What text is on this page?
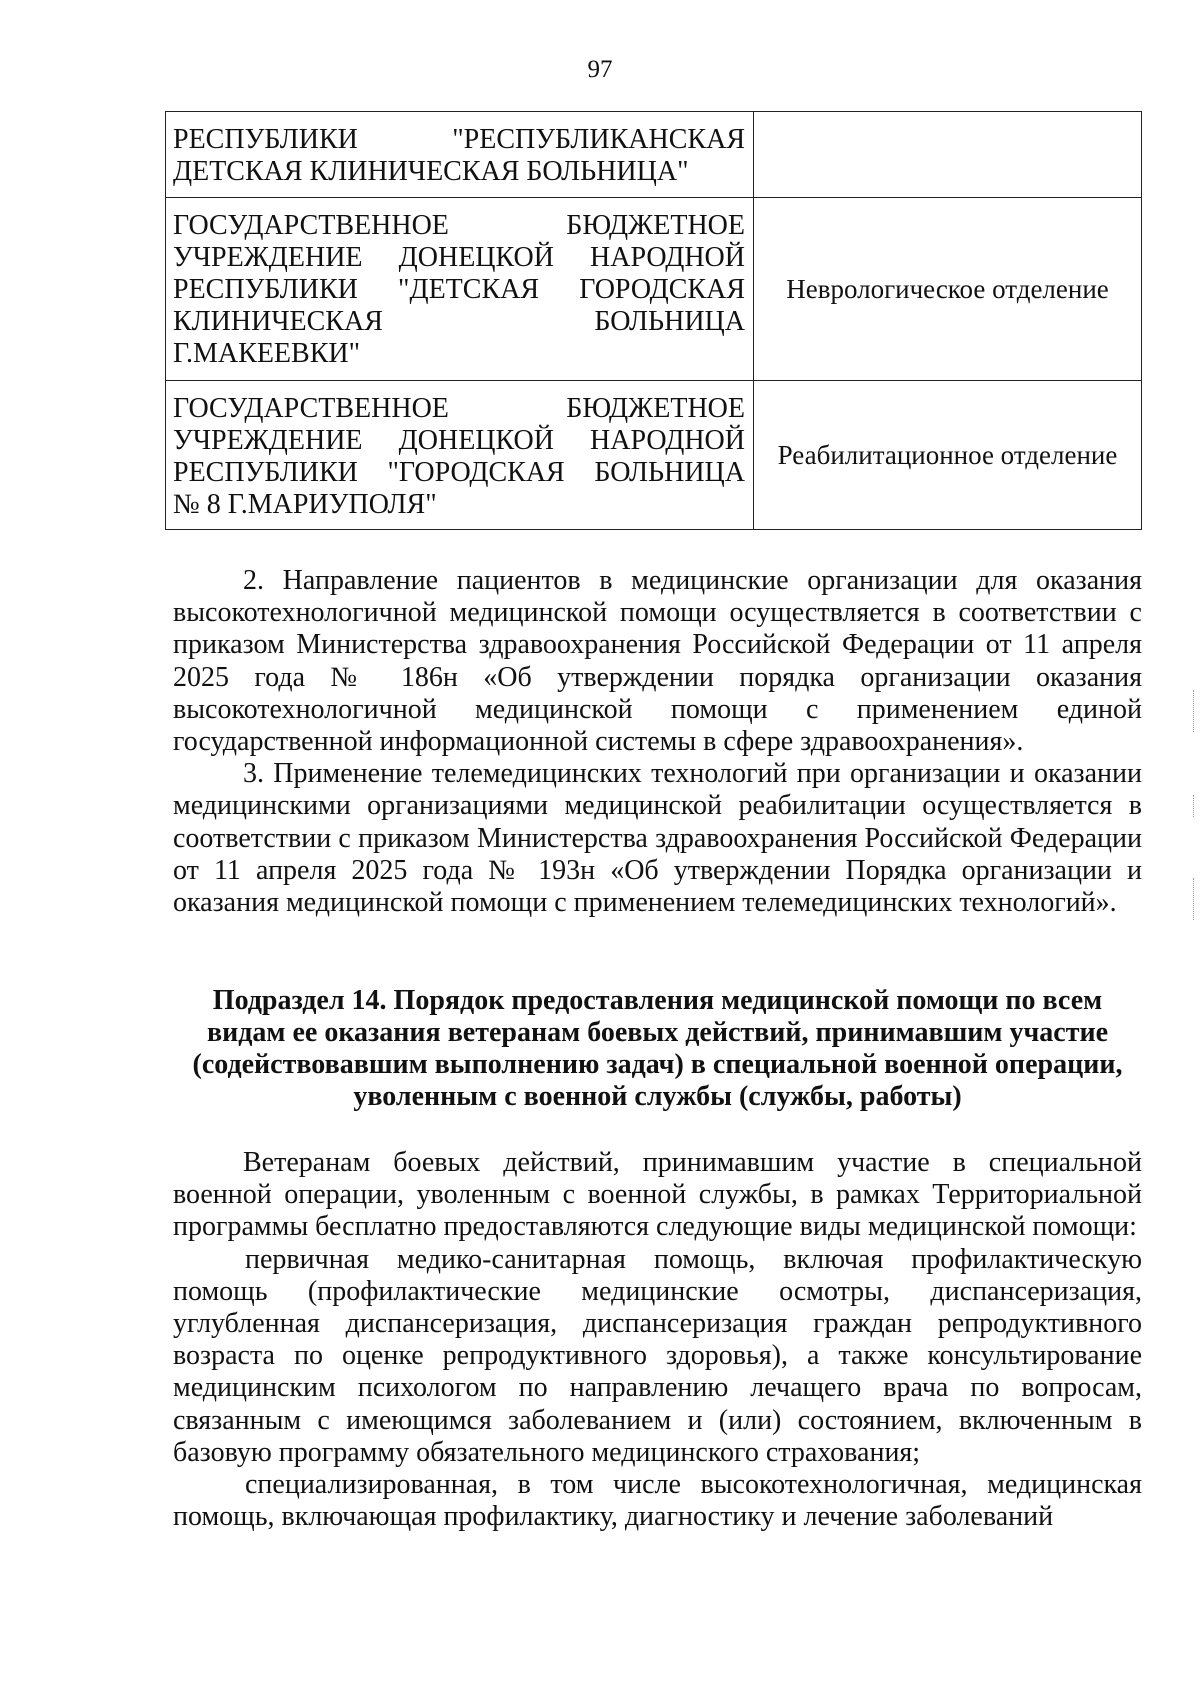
97
РЕСПУБЛИКИ "РЕСПУБЛИКАНСКАЯ
ДЕТСКАЯ КЛИНИЧЕСКАЯ БОЛЬНИЦА"	

ГОСУДАРСТВЕННОЕ БЮДЖЕТНОЕ
УЧРЕЖДЕНИЕ ДОНЕЦКОЙ НАРОДНОЙ
РЕСПУБЛИКИ "ДЕТСКАЯ ГОРОДСКАЯ
КЛИНИЧЕСКАЯ БОЛЬНИЦА
Г.МАКЕЕВКИ"	Неврологическое отделение

ГОСУДАРСТВЕННОЕ БЮДЖЕТНОЕ
УЧРЕЖДЕНИЕ ДОНЕЦКОЙ НАРОДНОЙ
РЕСПУБЛИКИ "ГОРОДСКАЯ БОЛЬНИЦА
№ 8 Г.МАРИУПОЛЯ"	Реабилитационное отделение

2. Направление пациентов в медицинские организации для оказания высокотехнологичной медицинской помощи осуществляется в соответствии с приказом Министерства здравоохранения Российской Федерации от 11 апреля 2025 года № 186н «Об утверждении порядка организации оказания высокотехнологичной медицинской помощи с применением единой государственной информационной системы в сфере здравоохранения».

3. Применение телемедицинских технологий при организации и оказании медицинскими организациями медицинской реабилитации осуществляется в соответствии с приказом Министерства здравоохранения Российской Федерации от 11 апреля 2025 года № 193н «Об утверждении Порядка организации и оказания медицинской помощи с применением телемедицинских технологий».

Подраздел 14. Порядок предоставления медицинской помощи по всем
видам ее оказания ветеранам боевых действий, принимавшим участие
(содействовавшим выполнению задач) в специальной военной операции,
уволенным с военной службы (службы, работы)

Ветеранам боевых действий, принимавшим участие в специальной военной операции, уволенным с военной службы, в рамках Территориальной программы бесплатно предоставляются следующие виды медицинской помощи:

первичная медико-санитарная помощь, включая профилактическую помощь (профилактические медицинские осмотры, диспансеризация, углубленная диспансеризация, диспансеризация граждан репродуктивного возраста по оценке репродуктивного здоровья), а также консультирование медицинским психологом по направлению лечащего врача по вопросам, связанным с имеющимся заболеванием и (или) состоянием, включенным в базовую программу обязательного медицинского страхования;

специализированная, в том числе высокотехнологичная, медицинская помощь, включающая профилактику, диагностику и лечение заболеваний
